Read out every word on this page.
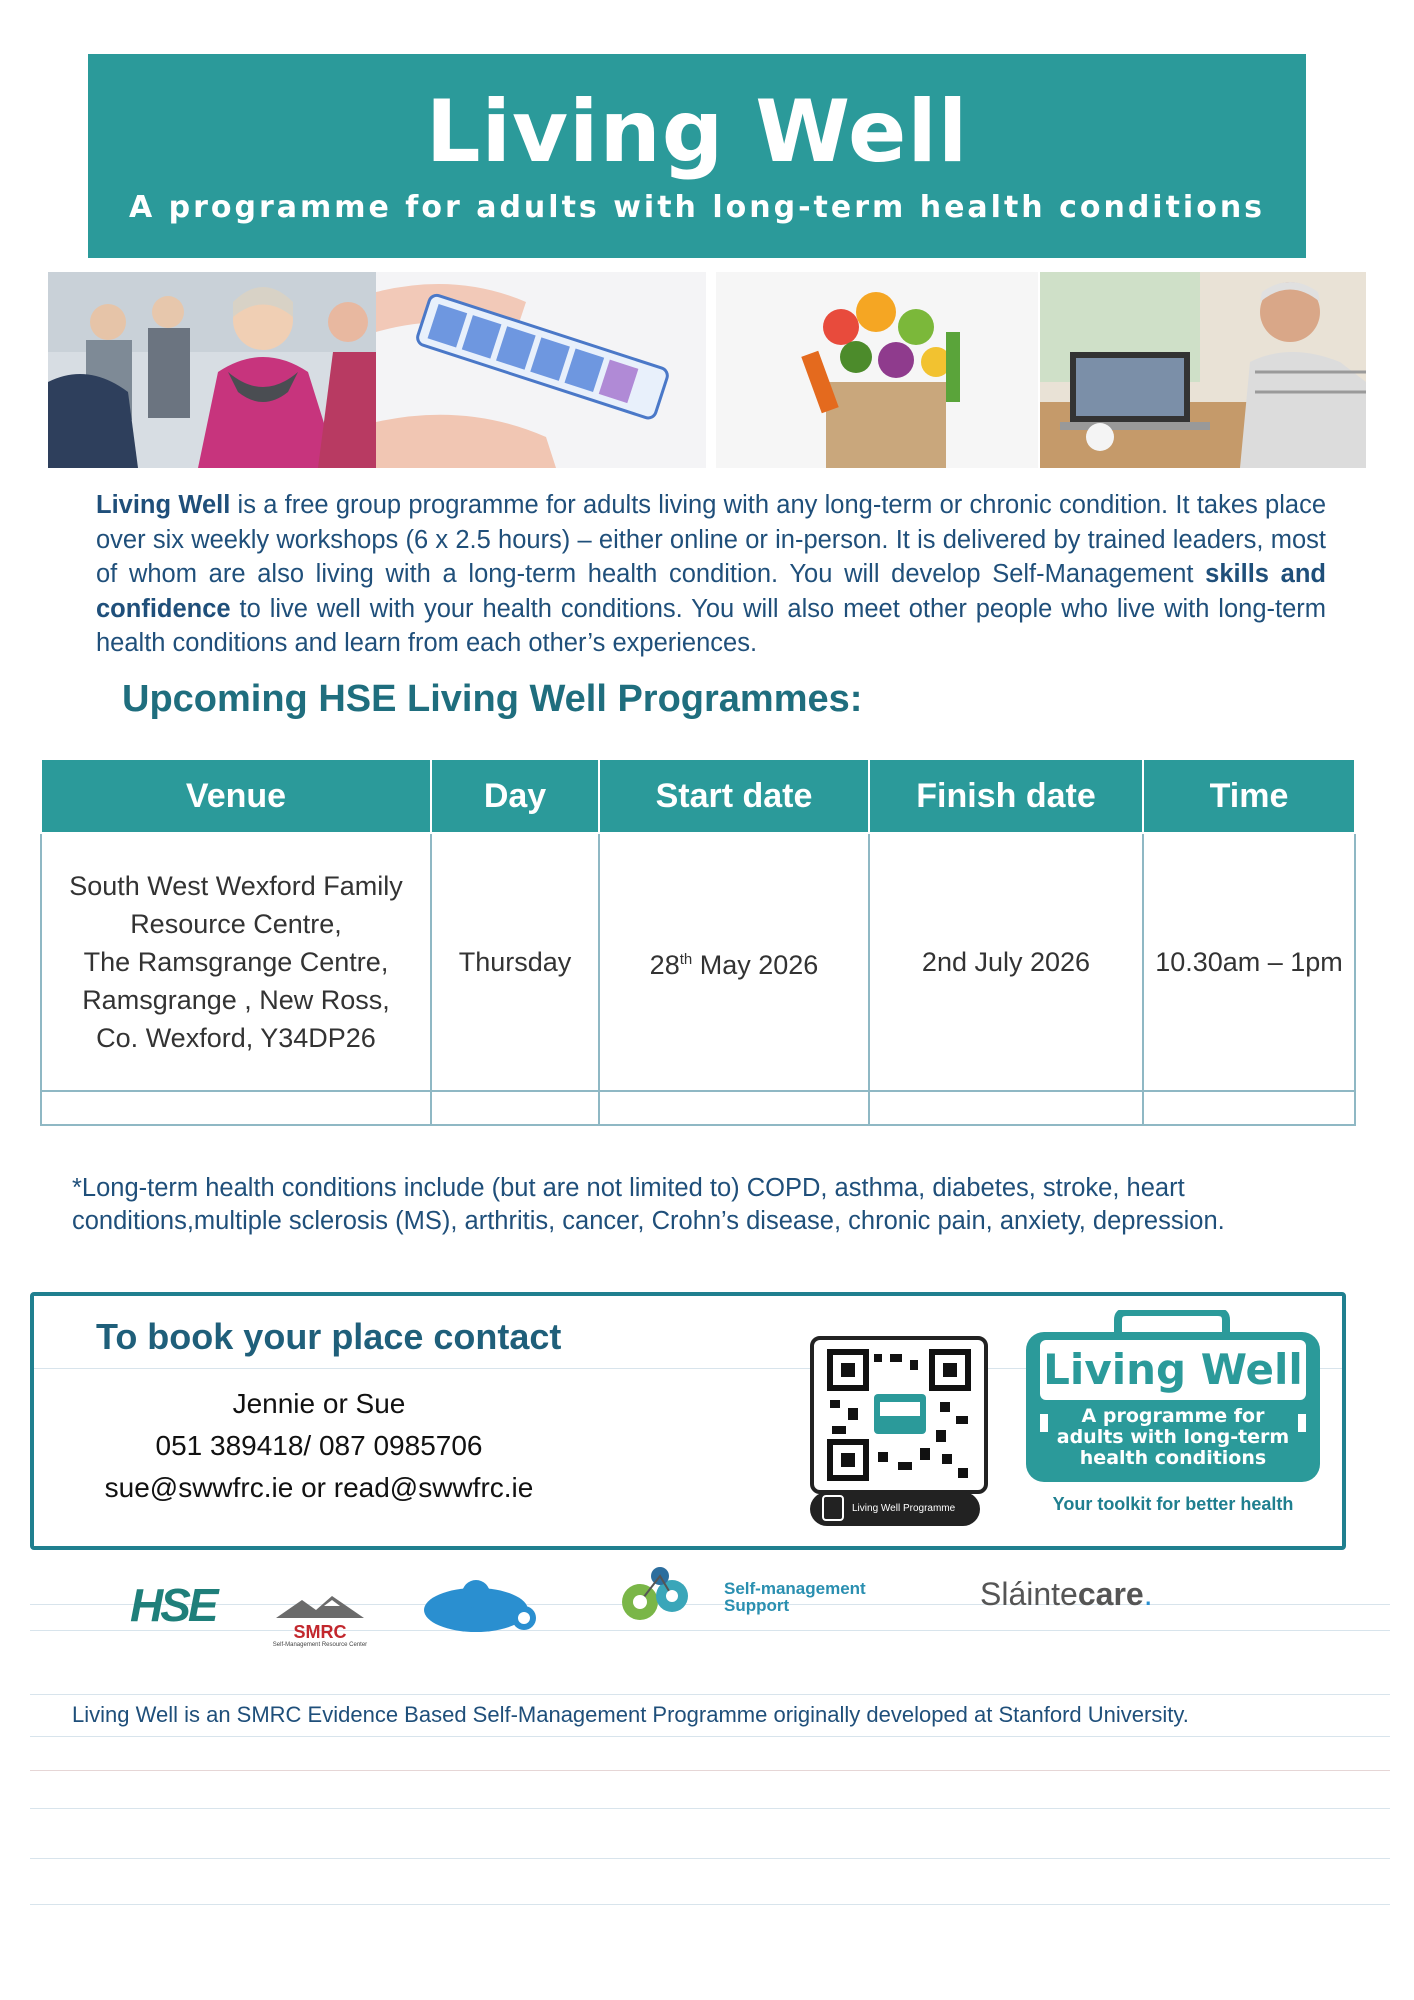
Living Well
A programme for adults with long-term health conditions
Living Well is a free group programme for adults living with any long-term or chronic condition. It takes place over six weekly workshops (6 x 2.5 hours) – either online or in-person. It is delivered by trained leaders, most of whom are also living with a long-term health condition. You will develop Self-Management skills and confidence to live well with your health conditions. You will also meet other people who live with long-term health conditions and learn from each other’s experiences.
Upcoming HSE Living Well Programmes:
Venue	Day	Start date	Finish date	Time

South West Wexford Family
Resource Centre,
The Ramsgrange Centre,
Ramsgrange , New Ross,
Co. Wexford, Y34DP26	Thursday	28th May 2026	2nd July 2026	10.30am – 1pm

*Long-term health conditions include (but are not limited to) COPD, asthma, diabetes, stroke, heart conditions,multiple sclerosis (MS), arthritis, cancer, Crohn’s disease, chronic pain, anxiety, depression.
To book your place contact
Jennie or Sue
051 389418/ 087 0985706
sue@swwfrc.ie or read@swwfrc.ie
Living Well Programme
Living Well
A programme for
adults with long-term
health conditions
Your toolkit for better health
HSE
SMRC
Self-Management Resource Center
Self-management
Support	Sláintecare.
Living Well is an SMRC Evidence Based Self-Management Programme originally developed at Stanford University.
